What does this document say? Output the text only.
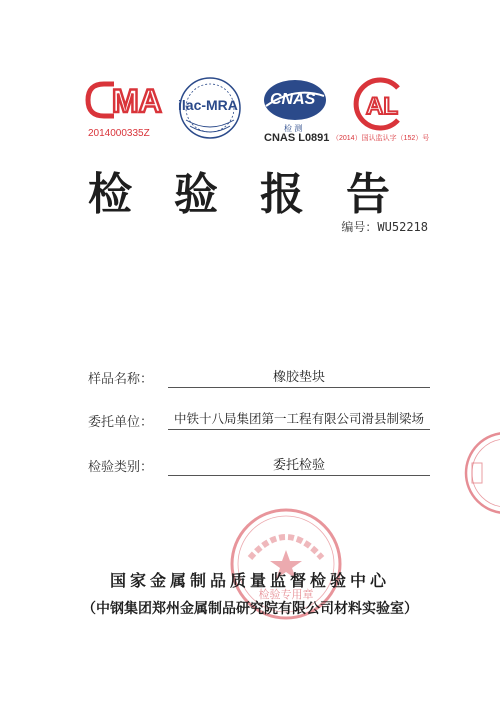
MA
2014000335Z
ilac-MRA CNAS
检 测
CNAS L0891
AL
（2014）国认监认字（152）号
检验报告
编号：WU52218
样品名称：	橡胶垫块
委托单位：	中铁十八局集团第一工程有限公司滑县制梁场
检验类别：	委托检验
检验专用章
国家金属制品质量监督检验中心
（中钢集团郑州金属制品研究院有限公司材料实验室）
